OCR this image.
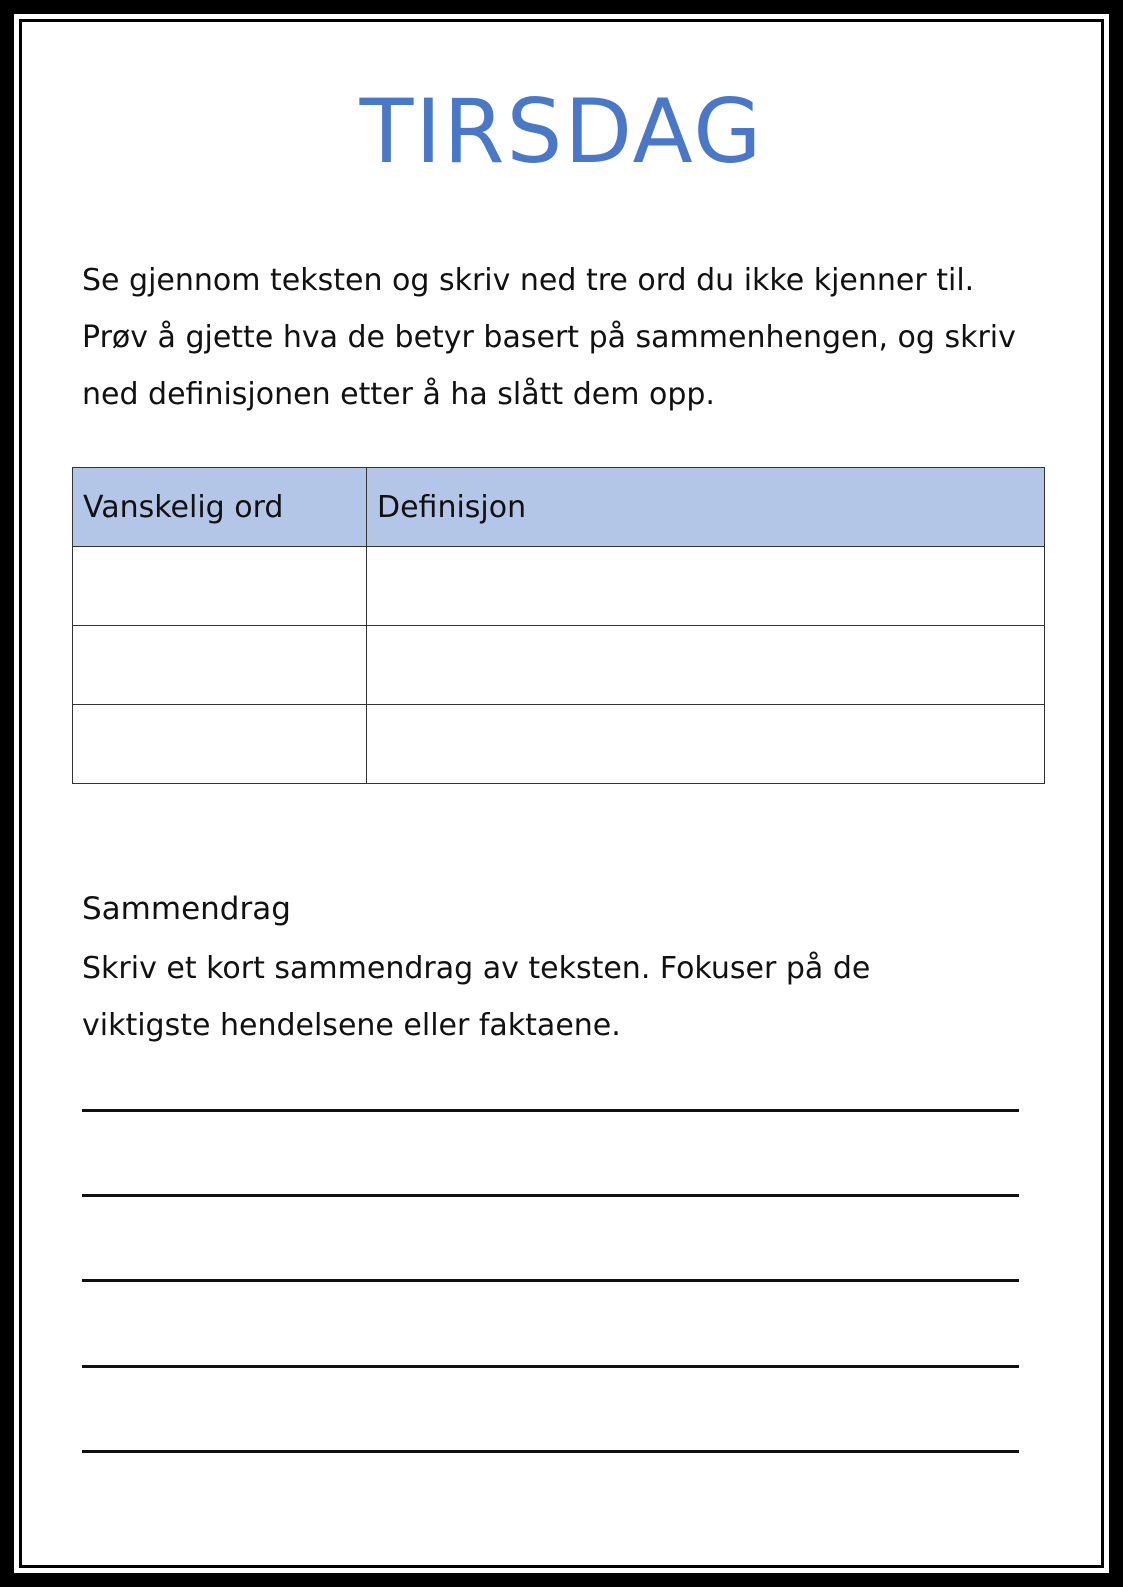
TIRSDAG

Se gjennom teksten og skriv ned tre ord du ikke kjenner til.
Prøv å gjette hva de betyr basert på sammenhengen, og skriv
ned definisjonen etter å ha slått dem opp.

Vanskelig ord	Definisjon

Sammendrag

Skriv et kort sammendrag av teksten. Fokuser på de
viktigste hendelsene eller faktaene.
